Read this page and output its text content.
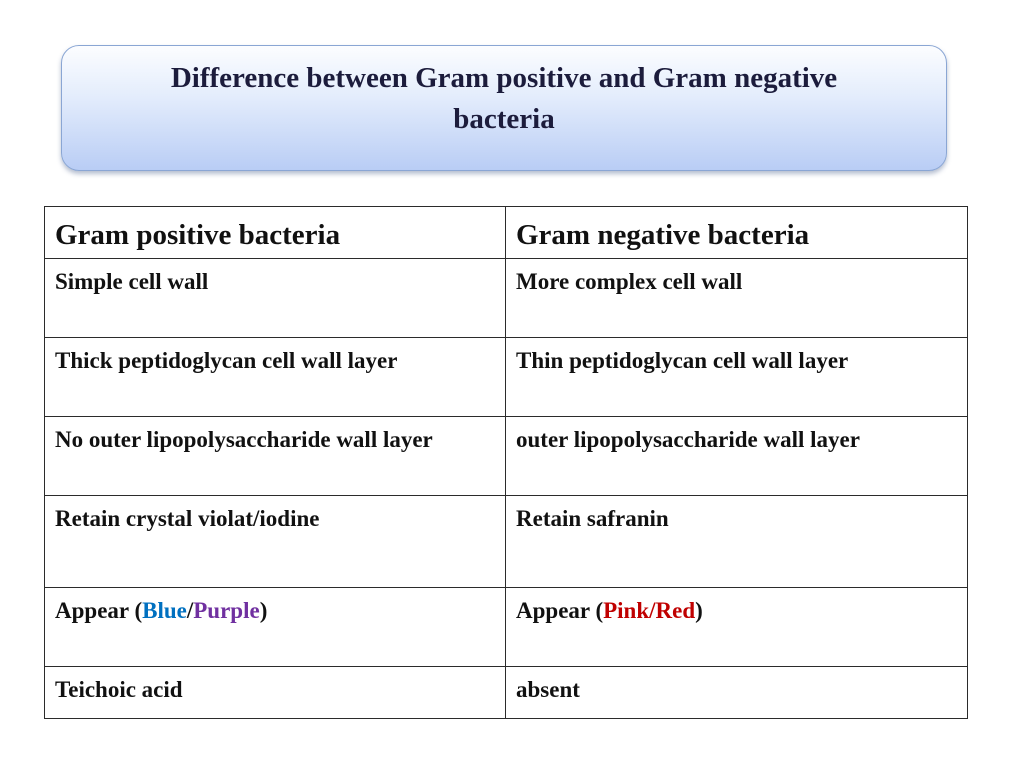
Difference between Gram positive and Gram negative bacteria
Gram positive bacteria	Gram negative bacteria
Simple cell wall	More complex cell wall
Thick peptidoglycan cell wall layer	Thin peptidoglycan cell wall layer
No outer lipopolysaccharide wall layer	outer lipopolysaccharide wall layer
Retain crystal violat/iodine	Retain safranin
Appear (Blue/Purple)	Appear (Pink/Red)
Teichoic acid	absent
